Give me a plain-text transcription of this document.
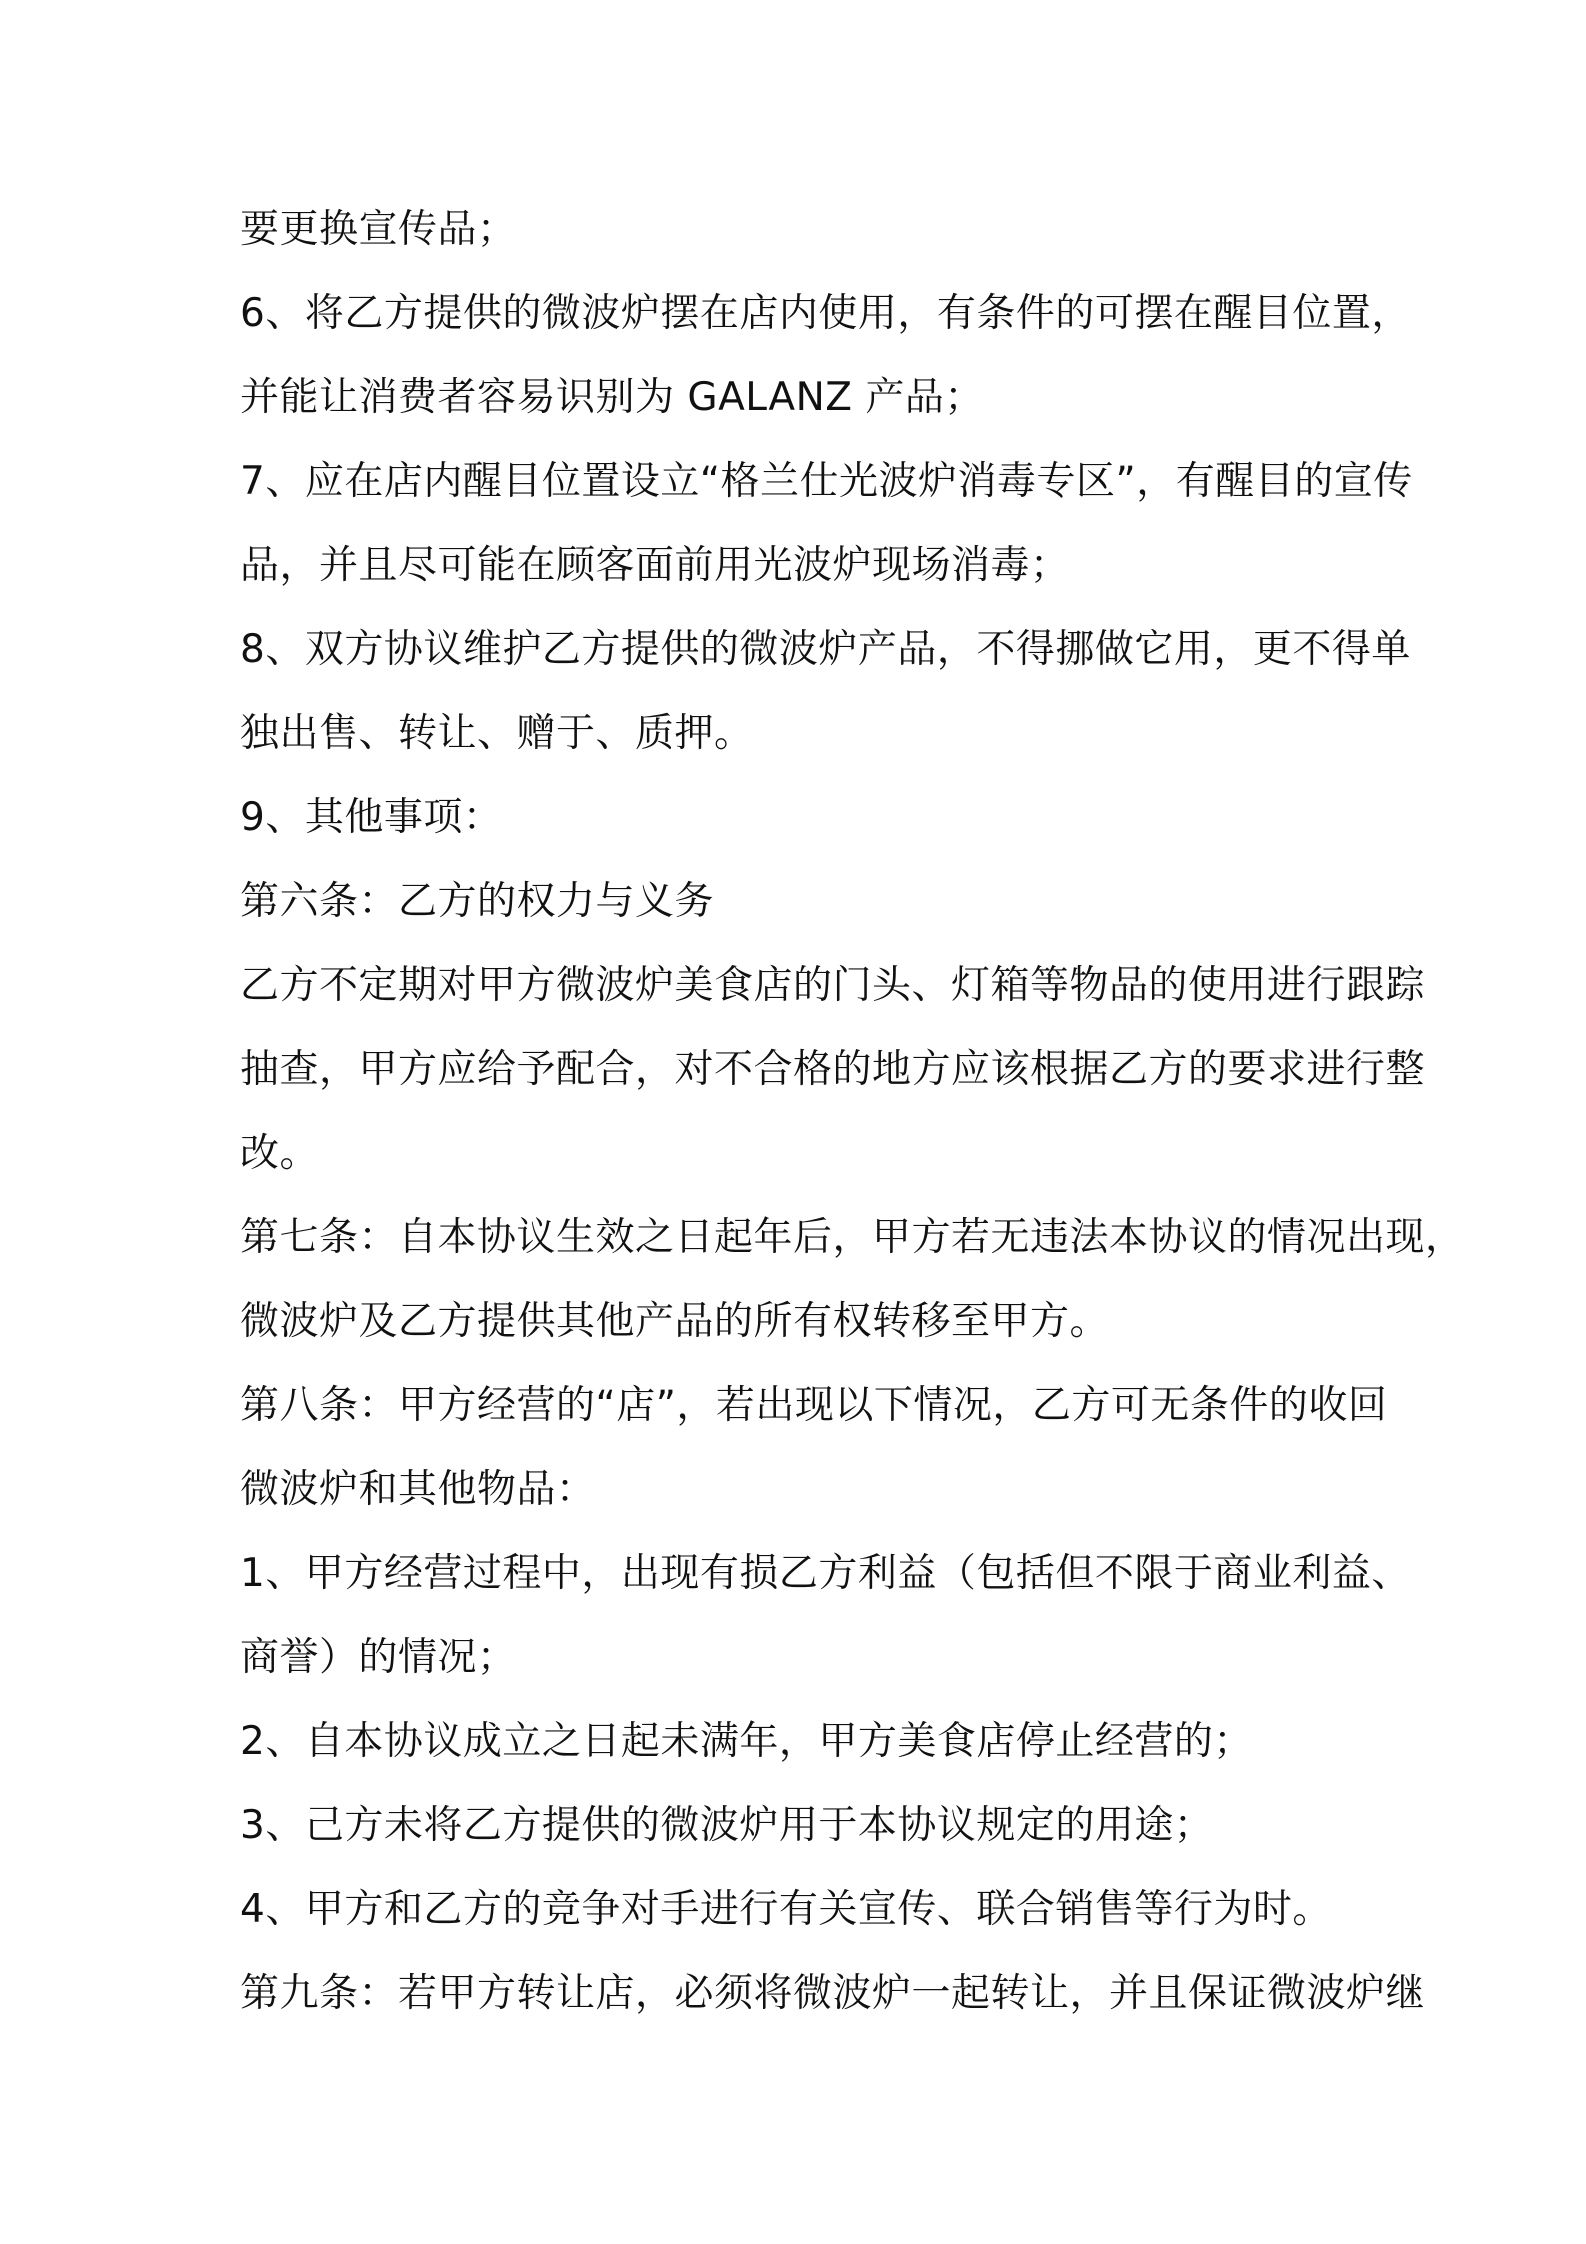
要更换宣传品；
6、将乙方提供的微波炉摆在店内使用，有条件的可摆在醒目位置，
并能让消费者容易识别为 GALANZ 产品；
7、应在店内醒目位置设立“格兰仕光波炉消毒专区”，有醒目的宣传
品，并且尽可能在顾客面前用光波炉现场消毒；
8、双方协议维护乙方提供的微波炉产品，不得挪做它用，更不得单
独出售、转让、赠于、质押。
9、其他事项：
第六条：乙方的权力与义务
乙方不定期对甲方微波炉美食店的门头、灯箱等物品的使用进行跟踪
抽查，甲方应给予配合，对不合格的地方应该根据乙方的要求进行整
改。
第七条：自本协议生效之日起年后，甲方若无违法本协议的情况出现，
微波炉及乙方提供其他产品的所有权转移至甲方。
第八条：甲方经营的“店”，若出现以下情况，乙方可无条件的收回
微波炉和其他物品：
1、甲方经营过程中，出现有损乙方利益（包括但不限于商业利益、
商誉）的情况；
2、自本协议成立之日起未满年，甲方美食店停止经营的；
3、己方未将乙方提供的微波炉用于本协议规定的用途；
4、甲方和乙方的竞争对手进行有关宣传、联合销售等行为时。
第九条：若甲方转让店，必须将微波炉一起转让，并且保证微波炉继
